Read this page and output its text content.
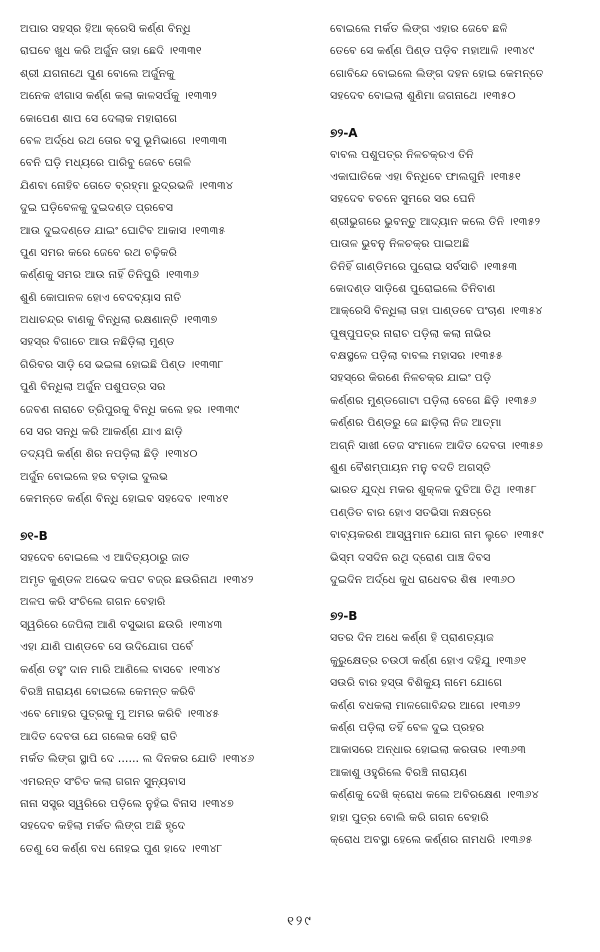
ଅପାର ସହସ୍ର ହିଆ କ୍ରେସି କର୍ଣ୍ଣ ବିନ୍ଧି
ରାଘବେ ଖୁଧ କରି ଅର୍ଜୁନ ତାହା ଛେଦି ।୧୩୩୧
ଶ୍ରୀ ଯଗନାଥେ ପୁଣ ବୋଲେ ଅର୍ଜୁନକୁ
ଅନେକ ଝୀଗାସ କର୍ଣ୍ଣ କଲା କାଳସର୍ପକୁ ।୧୩୩୨
କୋପେଣ ଶାପ ସେ ଦେଲାକ ମହାରାଗେ
ବେଳ ଅର୍ଦ୍ଧେ ରଥ ତୋର ବସୁ ଭୂମିଭାଗେ ।୧୩୩୩
ବେନି ଘଡ଼ି ମଧ୍ୟରେ ପାରିବୁ ଜେବେ ତୋଳି
ଯିଣବା ନୋହିବ ତୋତେ ବ୍ରହ୍ମା ରୁଦ୍ରଭଳି ।୧୩୩୪
ଦୁଇ ଘଡ଼ିବେଳକୁ ଦୁଇଦଣ୍ଡ ପ୍ରବେସ
ଆଉ ଦୁଇଦଣ୍ଡେ ଯାଇଂ ଘୋଟିବ ଆକାସ ।୧୩୩୫
ପୁଣ ସମର କରେ ଜେବେ ରଥ ଚଢ଼ିକରି
କର୍ଣ୍ଣକୁ ସମର ଆଉ ନାହିଁ ତିନିପୁରି ।୧୩୩୬
ଶୁଣି କୋପାନଳ ହୋଏ ବେଦବ୍ୟାସ ନାତି
ଅଧାଚନ୍ଦ୍ର ବାଣକୁ ବିନ୍ଧିଲା ରକ୍ଷଣାନ୍ତି ।୧୩୩୭
ସହସ୍ର ବିଗାଚେ ଆଉ ନଛିଡ଼ିଲା ମୁଣ୍ଡ
ଗିରିବର ସାଡ଼ି ସେ ଭଇଳା ହୋଇଛି ପିଣ୍ଡ ।୧୩୩୮
ପୁଣି ବିନ୍ଧିଲା ଅର୍ଜୁନ ପଶୁପତ୍ର ସର
ଜେବଣ ନାରାଚେ ତ୍ରିପୁରକୁ ବିନ୍ଧି କଲେ ହର ।୧୩୩୯
ସେ ସର ସନ୍ଧି କରି ଆକର୍ଣ୍ଣ ଯାଏ ଛାଡ଼ି
ତଦ୍ୟପି କର୍ଣ୍ଣ ଶିର ନପଡ଼ିଲା ଛିଡ଼ି ।୧୩୪୦
ଅର୍ଜୁନ ବୋଇଲେ ହର ବଡ଼ାଇ ଦୁଲଭ
କେମନ୍ତେ କର୍ଣ୍ଣ ବିନ୍ଧି ହୋଇବ ସହଦେବ ।୧୩୪୧
୭୧-B
ସହଦେବ ବୋଇଲେ ଏ ଆଦିତ୍ୟଠାରୁ ଜାତ
ଅମୃତ କୁଣ୍ଡଳ ଅଭେଦ କପଟ ବଜ୍ର ଛଉରିନାଥ ।୧୩୪୨
ଅଳପ କରି ସଂଚିଲେ ଗଗନ ବେହାରି
ସ୍ୱରିରେ ଜେପିଲା ଆଣି ବସୁଭାଗ ଛଉରି ।୧୩୪୩
ଏହା ଯାଣି ପାଣ୍ଡବେ ସେ ଉଦିଯୋଗ ପର୍ବେ
କର୍ଣ୍ଣ ତହୁଂ ଦାନ ମାରି ଆଣିଲେ ବାସବେ ।୧୩୪୪
ବିରଞ୍ଚି ନାରାୟଣ ବୋଇଲେ କେମନ୍ତ କରିବି
ଏବେ ମୋହର ପୁତ୍ରକୁ ମୁ ଅମର କରିବି ।୧୩୪୫
ଆଦିତ ଦେବତା ଯେ ଗଲେକ ସେହି ରାତି
ମର୍କତ ଲିଙ୍ଗ ସ୍ଥାପି ଦେ ...... ଲ ଦିନକର ଯୋତି ।୧୩୪୬
ଏମରନ୍ତ ସଂଚିତ କଲା ଗଗନ ସୁନ୍ୟବାସ
ନାନା ସସ୍ତ୍ର ସ୍ୱରିରେ ପଡ଼ିଲେ ନୁହଁଇ ବିନାସ ।୧୩୪୭
ସହଦେବ କହିଲା ମର୍କତ ଲିଙ୍ଗ ଅଛି ହୃଦେ
ତେଣୁ ସେ କର୍ଣ୍ଣ ବଧ ନୋହଇ ପୁଣ ହାଦେ ।୧୩୪୮
ବୋଇଲେ ମର୍କତ ଲିଙ୍ଗ ଏହାର ଜେବେ ଛଳି
ତେବେ ସେ କର୍ଣ୍ଣ ପିଣ୍ଡ ପଡ଼ିବ ମହାଆଳି ।୧୩୪୯
ଗୋବିନ୍ଦେ ବୋଇଲେ ଲିଙ୍ଗ ଦହନ ହୋଇ କେମନ୍ତେ
ସହଦେବ ବୋଇଲା ଶୁଣିମା ଜଗନାଥେ ।୧୩୫୦
୭୨-A
ବାବଲ ପଶୁପତ୍ର ନିଳଚକ୍ରଏ ତିନି
ଏକାଘାତିକେ ଏହା ବିନ୍ଧିବେ ଫାଲଗୁନି ।୧୩୫୧
ସହଦେବ ବଚନେ ସୁମରେ ସର ଘେନି
ଶ୍ରୀଭୁଗରେ ଭୁବନ୍ତୁ ଆଦ୍ୟାନ କଲେ ତିନି ।୧୩୫୨
ପାତାଳ ଭୁବନୁ ନିଳଚକ୍ର ପାଇଅଛି
ତିନିହିଁ ଗାଣ୍ଡିମରେ ପୁରୋଇ ସର୍ବସାଚି ।୧୩୫୩
କୋଦଣ୍ଡ ସାଡ଼ିଶେ ପୁରୋଇଲେ ତିନିବାଣ
ଆକ୍ରେସି ବିନ୍ଧିଲା ତାହା ପାଣ୍ଡବେ ପଂଚାଣ ।୧୩୫୪
ପୁଷ୍ପୁପତ୍ର ନାରାଚ ପଡ଼ିଲା କଲା ନାଭିର
ବକ୍ଷସ୍ଥଳେ ପଡ଼ିଲା ବାବଲ ମହାସର ।୧୩୫୫
ସହସ୍ରେ କିରଣେ ନିଳଚକ୍ର ଯାଇଂ ପଡ଼ି
କର୍ଣ୍ଣର ମୁଣ୍ଡଗୋଟା ପଡ଼ିଲା ବେଗେ ଛିଡ଼ି ।୧୩୫୬
କର୍ଣ୍ଣର ପିଣ୍ଡରୁ ଜେ ଛାଡ଼ିଲା ନିଜ ଆତ୍ମା
ଅଗ୍ନି ସାଖୀ ତେଜ ସଂମାଳେ ଆଦିତ ଦେବତା ।୧୩୫୭
ଶୁଣ ବୈଶମ୍ପାୟନ ମନୁ ବଦତି ଅଗସ୍ତି
ଭାରତ ଯୁଦ୍ଧ ମକର ଶୁକ୍ଳକ ଦୁତିଆ ତିଥି ।୧୩୫୮
ପଣ୍ଡିତ ବାର ହୋଏ ସତଭିସା ନକ୍ଷତ୍ରେ
ବାବ୍ୟକରଣ ଆସ୍ୱମାନ ଯୋଗ ନାମ ଲୁଚେ ।୧୩୫୯
ଭିସ୍ମ ଦସଦିନ ରଥି ଦ୍ରୋଣ ପାଞ୍ଚ ଦିବସ
ଦୁଇଦିନ ଅର୍ଦ୍ଧେ କୁଧ ରାଧେବର ଶିଷ ।୧୩୬୦
୭୨-B
ସତର ଦିନ ଅଧେ କର୍ଣ୍ଣ ହି ପ୍ରାଣତ୍ୟାଜ
କୁରୁକ୍ଷେତ୍ର ଚଉଠୀ କର୍ଣ୍ଣ ହୋଏ ଦହିଯୁ ।୧୩୬୧
ସଉରି ବାର ହସ୍ତା ବିଶିକୁୟ ନାମେ ଯୋଗେ
କର୍ଣ୍ଣ ବଧକଲା ମାଳଗୋବିନ୍ଦର ଆଗେ ।୧୩୬୨
କର୍ଣ୍ଣ ପଡ଼ିଲା ତହିଁ ବେଳ ଦୁଇ ପ୍ରହର
ଆକାସରେ ଅନ୍ଧାର ହୋଇଲା କରତାର ।୧୩୬୩
ଆକାଶୁ ଓହୁରିଲେ ବିରଞ୍ଚି ନାରାୟଣ
କର୍ଣ୍ଣକୁ ଦେଖି କ୍ରୋଧ କଲେ ଅବିରକ୍ଷେଣ ।୧୩୬୪
ହାହା ପୁତ୍ର ବୋଲି କରି ଗଗନ ବେହାରି
କ୍ରୋଧ ଅବସ୍ଥା ହେଲେ କର୍ଣ୍ଣର ନାମଧରି ।୧୩୬୫
୧୨୯
